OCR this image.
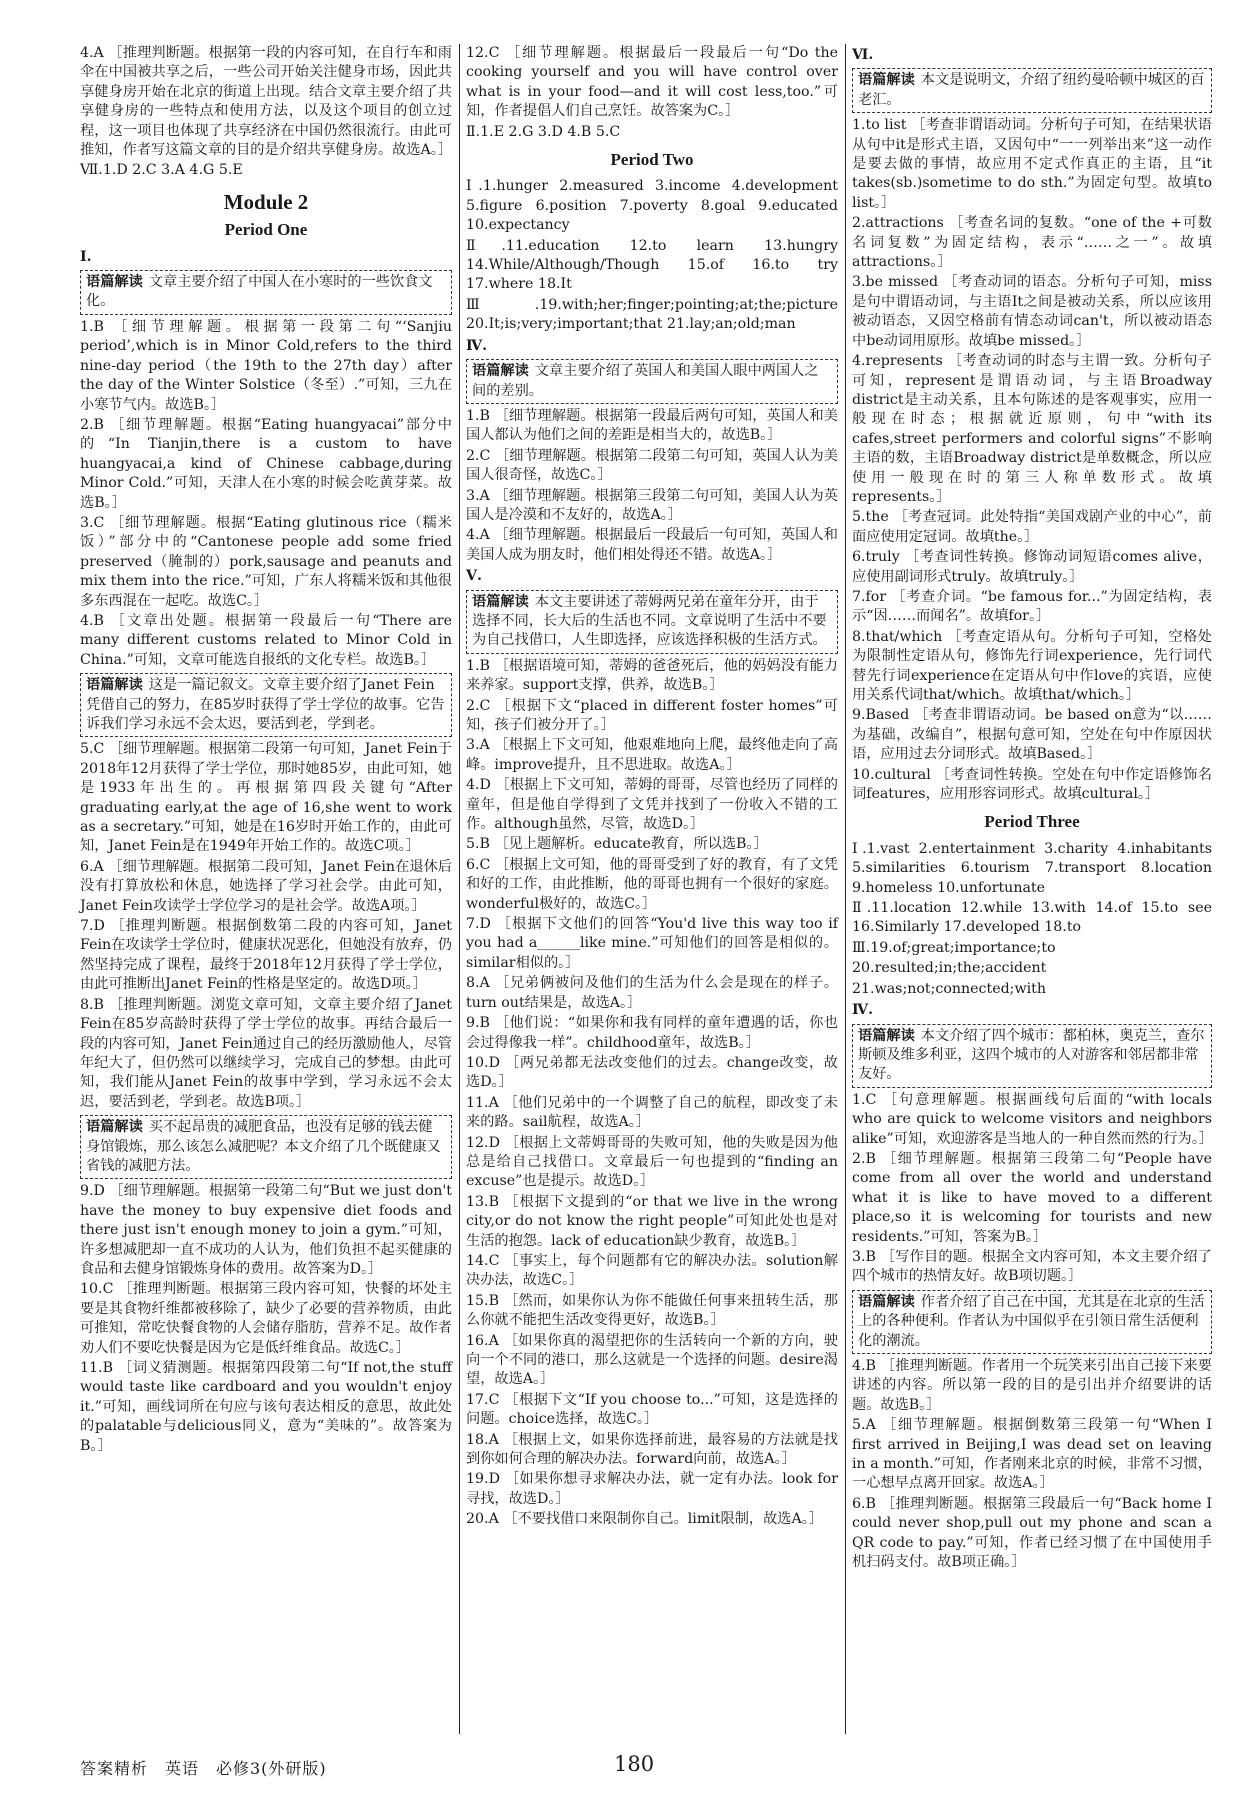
4.A ［推理判断题。根据第一段的内容可知，在自行车和雨伞在中国被共享之后，一些公司开始关注健身市场，因此共享健身房开始在北京的街道上出现。结合文章主要介绍了共享健身房的一些特点和使用方法，以及这个项目的创立过程，这一项目也体现了共享经济在中国仍然很流行。由此可推知，作者写这篇文章的目的是介绍共享健身房。故选A。］
Ⅶ.1.D 2.C 3.A 4.G 5.E
Module 2
Period One
Ⅰ.
语篇解读 文章主要介绍了中国人在小寒时的一些饮食文化。
1.B ［细节理解题。根据第一段第二句“‘Sanjiu period’,which is in Minor Cold,refers to the third nine-day period（the 19th to the 27th day）after the day of the Winter Solstice（冬至）.”可知，三九在小寒节气内。故选B。］
2.B ［细节理解题。根据“Eating huangyacai”部分中的“In Tianjin,there is a custom to have huangyacai,a kind of Chinese cabbage,during Minor Cold.”可知，天津人在小寒的时候会吃黄芽菜。故选B。］
3.C ［细节理解题。根据“Eating glutinous rice（糯米饭）”部分中的“Cantonese people add some fried preserved（腌制的）pork,sausage and peanuts and mix them into the rice.”可知，广东人将糯米饭和其他很多东西混在一起吃。故选C。］
4.B ［文章出处题。根据第一段最后一句“There are many different customs related to Minor Cold in China.”可知，文章可能选自报纸的文化专栏。故选B。］
语篇解读 这是一篇记叙文。文章主要介绍了Janet Fein凭借自己的努力，在85岁时获得了学士学位的故事。它告诉我们学习永远不会太迟，要活到老，学到老。
5.C ［细节理解题。根据第二段第一句可知，Janet Fein于2018年12月获得了学士学位，那时她85岁，由此可知，她是1933年出生的。再根据第四段关键句“After graduating early,at the age of 16,she went to work as a secretary.”可知，她是在16岁时开始工作的，由此可知，Janet Fein是在1949年开始工作的。故选C项。］
6.A ［细节理解题。根据第二段可知，Janet Fein在退休后没有打算放松和休息，她选择了学习社会学。由此可知，Janet Fein攻读学士学位学习的是社会学。故选A项。］
7.D ［推理判断题。根据倒数第二段的内容可知，Janet Fein在攻读学士学位时，健康状况恶化，但她没有放弃，仍然坚持完成了课程，最终于2018年12月获得了学士学位，由此可推断出Janet Fein的性格是坚定的。故选D项。］
8.B ［推理判断题。浏览文章可知，文章主要介绍了Janet Fein在85岁高龄时获得了学士学位的故事。再结合最后一段的内容可知，Janet Fein通过自己的经历激励他人，尽管年纪大了，但仍然可以继续学习，完成自己的梦想。由此可知，我们能从Janet Fein的故事中学到，学习永远不会太迟，要活到老，学到老。故选B项。］
语篇解读 买不起昂贵的减肥食品，也没有足够的钱去健身馆锻炼，那么该怎么减肥呢？本文介绍了几个既健康又省钱的减肥方法。
9.D ［细节理解题。根据第一段第二句“But we just don't have the money to buy expensive diet foods and there just isn't enough money to join a gym.”可知，许多想减肥却一直不成功的人认为，他们负担不起买健康的食品和去健身馆锻炼身体的费用。故答案为D。］
10.C ［推理判断题。根据第三段内容可知，快餐的坏处主要是其食物纤维都被移除了，缺少了必要的营养物质，由此可推知，常吃快餐食物的人会储存脂肪，营养不足。故作者劝人们不要吃快餐是因为它是低纤维食品。故选C。］
11.B ［词义猜测题。根据第四段第二句“If not,the stuff would taste like cardboard and you wouldn't enjoy it.”可知，画线词所在句应与该句表达相反的意思，故此处的palatable与delicious同义，意为“美味的”。故答案为B。］
12.C ［细节理解题。根据最后一段最后一句“Do the cooking yourself and you will have control over what is in your food—and it will cost less,too.”可知，作者提倡人们自己烹饪。故答案为C。］
Ⅱ.1.E 2.G 3.D 4.B 5.C
Period Two
Ⅰ.1.hunger 2.measured 3.income 4.development 5.figure 6.position 7.poverty 8.goal 9.educated 10.expectancy
Ⅱ.11.education 12.to learn 13.hungry 14.While/Although/Though 15.of 16.to try 17.where 18.It
Ⅲ.19.with;her;finger;pointing;at;the;picture 20.It;is;very;important;that 21.lay;an;old;man
Ⅳ.
语篇解读 文章主要介绍了英国人和美国人眼中两国人之间的差别。
1.B ［细节理解题。根据第一段最后两句可知，英国人和美国人都认为他们之间的差距是相当大的，故选B。］
2.C ［细节理解题。根据第二段第二句可知，英国人认为美国人很奇怪，故选C。］
3.A ［细节理解题。根据第三段第二句可知，美国人认为英国人是冷漠和不友好的，故选A。］
4.A ［细节理解题。根据最后一段最后一句可知，英国人和美国人成为朋友时，他们相处得还不错。故选A。］
Ⅴ.
语篇解读 本文主要讲述了蒂姆两兄弟在童年分开，由于选择不同，长大后的生活也不同。文章说明了生活中不要为自己找借口，人生即选择，应该选择积极的生活方式。
1.B ［根据语境可知，蒂姆的爸爸死后，他的妈妈没有能力来养家。support支撑，供养，故选B。］
2.C ［根据下文“placed in different foster homes”可知，孩子们被分开了。］
3.A ［根据上下文可知，他艰难地向上爬，最终他走向了高峰。improve提升，且不思进取。故选A。］
4.D ［根据上下文可知，蒂姆的哥哥，尽管也经历了同样的童年，但是他自学得到了文凭并找到了一份收入不错的工作。although虽然，尽管，故选D。］
5.B ［见上题解析。educate教育，所以选B。］
6.C ［根据上文可知，他的哥哥受到了好的教育，有了文凭和好的工作，由此推断，他的哥哥也拥有一个很好的家庭。wonderful极好的，故选C。］
7.D ［根据下文他们的回答“You'd live this way too if you had a______like mine.”可知他们的回答是相似的。similar相似的。］
8.A ［兄弟俩被问及他们的生活为什么会是现在的样子。turn out结果是，故选A。］
9.B ［他们说：“如果你和我有同样的童年遭遇的话，你也会过得像我一样”。childhood童年，故选B。］
10.D ［两兄弟都无法改变他们的过去。change改变，故选D。］
11.A ［他们兄弟中的一个调整了自己的航程，即改变了未来的路。sail航程，故选A。］
12.D ［根据上文蒂姆哥哥的失败可知，他的失败是因为他总是给自己找借口。文章最后一句也提到的“finding an excuse”也是提示。故选D。］
13.B ［根据下文提到的“or that we live in the wrong city,or do not know the right people”可知此处也是对生活的抱怨。lack of education缺少教育，故选B。］
14.C ［事实上，每个问题都有它的解决办法。solution解决办法，故选C。］
15.B ［然而，如果你认为你不能做任何事来扭转生活，那么你就不能把生活改变得更好，故选B。］
16.A ［如果你真的渴望把你的生活转向一个新的方向，驶向一个不同的港口，那么这就是一个选择的问题。desire渴望，故选A。］
17.C ［根据下文“If you choose to...”可知，这是选择的问题。choice选择，故选C。］
18.A ［根据上文，如果你选择前进，最容易的方法就是找到你如何合理的解决办法。forward向前，故选A。］
19.D ［如果你想寻求解决办法，就一定有办法。look for寻找，故选D。］
20.A ［不要找借口来限制你自己。limit限制，故选A。］
Ⅵ.
语篇解读 本文是说明文，介绍了纽约曼哈顿中城区的百老汇。
1.to list ［考查非谓语动词。分析句子可知，在结果状语从句中it是形式主语，又因句中“一一列举出来”这一动作是要去做的事情，故应用不定式作真正的主语，且“it takes(sb.)sometime to do sth.”为固定句型。故填to list。］
2.attractions ［考查名词的复数。“one of the +可数名词复数”为固定结构，表示“……之一”。故填attractions。］
3.be missed ［考查动词的语态。分析句子可知，miss是句中谓语动词，与主语It之间是被动关系，所以应该用被动语态，又因空格前有情态动词can't，所以被动语态中be动词用原形。故填be missed。］
4.represents ［考查动词的时态与主谓一致。分析句子可知，represent是谓语动词，与主语Broadway district是主动关系，且本句陈述的是客观事实，应用一般现在时态；根据就近原则，句中“with its cafes,street performers and colorful signs”不影响主语的数，主语Broadway district是单数概念，所以应使用一般现在时的第三人称单数形式。故填represents。］
5.the ［考查冠词。此处特指“美国戏剧产业的中心”，前面应使用定冠词。故填the。］
6.truly ［考查词性转换。修饰动词短语comes alive，应使用副词形式truly。故填truly。］
7.for ［考查介词。“be famous for...”为固定结构，表示“因……而闻名”。故填for。］
8.that/which ［考查定语从句。分析句子可知，空格处为限制性定语从句，修饰先行词experience，先行词代替先行词experience在定语从句中作love的宾语，应使用关系代词that/which。故填that/which。］
9.Based ［考查非谓语动词。be based on意为“以……为基础，改编自”，根据句意可知，空处在句中作原因状语，应用过去分词形式。故填Based。］
10.cultural ［考查词性转换。空处在句中作定语修饰名词features，应用形容词形式。故填cultural。］
Period Three
Ⅰ.1.vast 2.entertainment 3.charity 4.inhabitants 5.similarities 6.tourism 7.transport 8.location 9.homeless 10.unfortunate
Ⅱ.11.location 12.while 13.with 14.of 15.to see 16.Similarly 17.developed 18.to
Ⅲ.19.of;great;importance;to
20.resulted;in;the;accident
21.was;not;connected;with
Ⅳ.
语篇解读 本文介绍了四个城市：都柏林，奥克兰，查尔斯顿及维多利亚，这四个城市的人对游客和邻居都非常友好。
1.C ［句意理解题。根据画线句后面的“with locals who are quick to welcome visitors and neighbors alike”可知，欢迎游客是当地人的一种自然而然的行为。］
2.B ［细节理解题。根据第三段第二句“People have come from all over the world and understand what it is like to have moved to a different place,so it is welcoming for tourists and new residents.”可知，答案为B。］
3.B ［写作目的题。根据全文内容可知，本文主要介绍了四个城市的热情友好。故B项切题。］
语篇解读 作者介绍了自己在中国，尤其是在北京的生活上的各种便利。作者认为中国似乎在引领日常生活便利化的潮流。
4.B ［推理判断题。作者用一个玩笑来引出自己接下来要讲述的内容。所以第一段的目的是引出并介绍要讲的话题。故选B。］
5.A ［细节理解题。根据倒数第三段第一句“When I first arrived in Beijing,I was dead set on leaving in a month.”可知，作者刚来北京的时候，非常不习惯，一心想早点离开回家。故选A。］
6.B ［推理判断题。根据第三段最后一句“Back home I could never shop,pull out my phone and scan a QR code to pay.”可知，作者已经习惯了在中国使用手机扫码支付。故B项正确。］
答案精析　英语　必修3(外研版)	180
